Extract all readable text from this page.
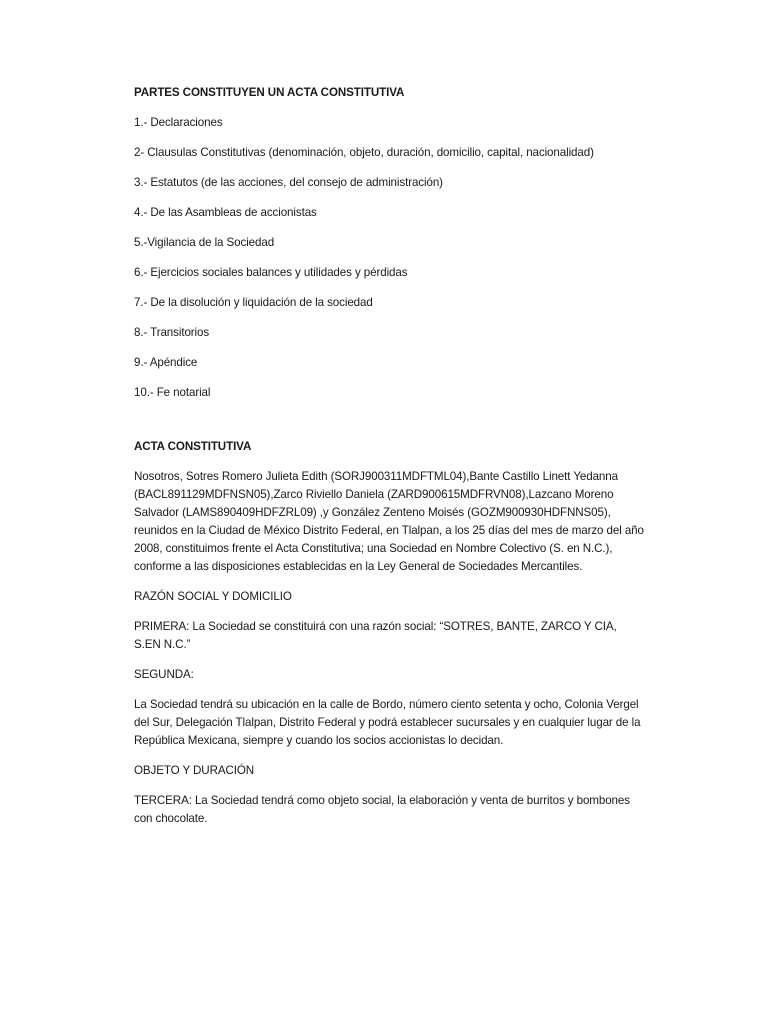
PARTES CONSTITUYEN UN ACTA CONSTITUTIVA

1.- Declaraciones

2- Clausulas Constitutivas (denominación, objeto, duración, domicilio, capital, nacionalidad)

3.- Estatutos (de las acciones, del consejo de administración)

4.- De las Asambleas de accionistas

5.-Vigilancia de la Sociedad

6.- Ejercicios sociales balances y utilidades y pérdidas

7.- De la disolución y liquidación de la sociedad

8.- Transitorios

9.- Apéndice

10.- Fe notarial

ACTA CONSTITUTIVA

Nosotros, Sotres Romero Julieta Edith (SORJ900311MDFTML04),Bante Castillo Linett Yedanna (BACL891129MDFNSN05),Zarco Riviello Daniela (ZARD900615MDFRVN08),Lazcano Moreno Salvador (LAMS890409HDFZRL09) ,y González Zenteno Moisés (GOZM900930HDFNNS05), reunidos en la Ciudad de México Distrito Federal, en Tlalpan, a los 25 días del mes de marzo del año 2008, constituimos frente el Acta Constitutiva; una Sociedad en Nombre Colectivo (S. en N.C.), conforme a las disposiciones establecidas en la Ley General de Sociedades Mercantiles.

RAZÓN SOCIAL Y DOMICILIO

PRIMERA: La Sociedad se constituirá con una razón social: “SOTRES, BANTE, ZARCO Y CIA, S.EN N.C.”

SEGUNDA:

La Sociedad tendrá su ubicación en la calle de Bordo, número ciento setenta y ocho, Colonia Vergel del Sur, Delegación Tlalpan, Distrito Federal y podrá establecer sucursales y en cualquier lugar de la República Mexicana, siempre y cuando los socios accionistas lo decidan.

OBJETO Y DURACIÓN

TERCERA: La Sociedad tendrá como objeto social, la elaboración y venta de burritos y bombones con chocolate.
